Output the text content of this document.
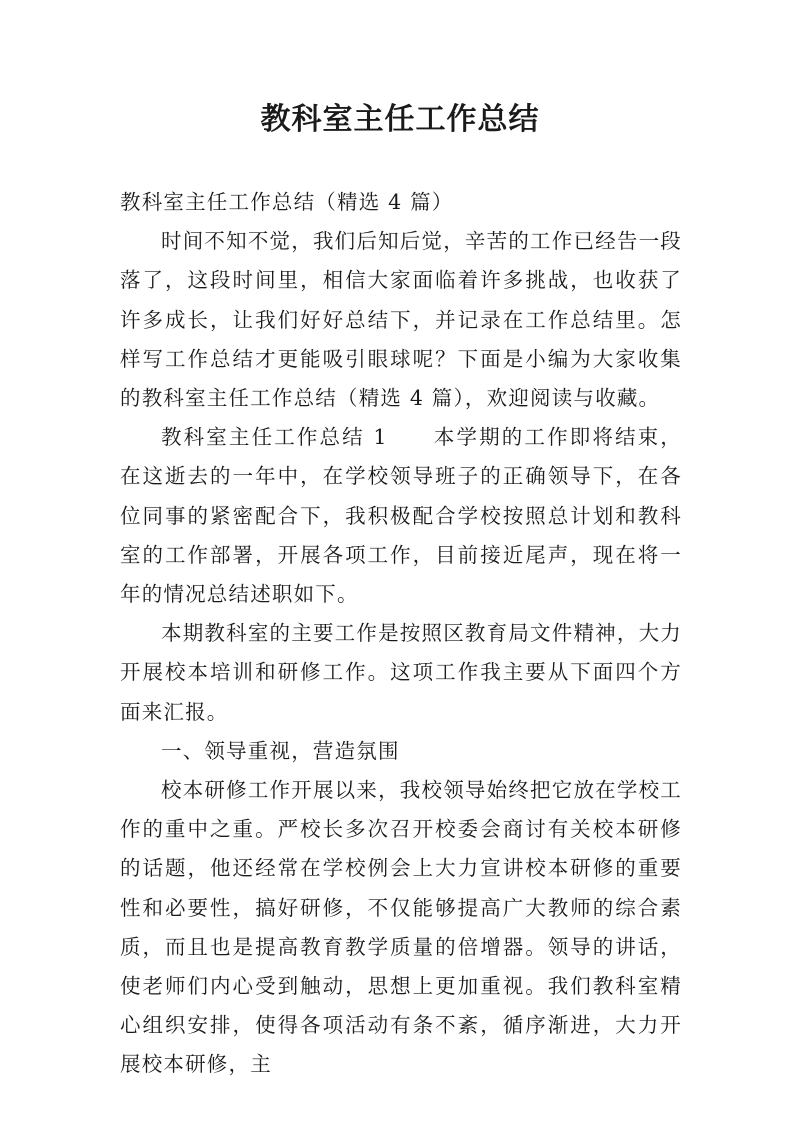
教科室主任工作总结

教科室主任工作总结（精选 4 篇）

时间不知不觉，我们后知后觉，辛苦的工作已经告一段落了，这段时间里，相信大家面临着许多挑战，也收获了许多成长，让我们好好总结下，并记录在工作总结里。怎样写工作总结才更能吸引眼球呢？下面是小编为大家收集的教科室主任工作总结（精选 4 篇），欢迎阅读与收藏。

教科室主任工作总结 1　　本学期的工作即将结束，在这逝去的一年中，在学校领导班子的正确领导下，在各位同事的紧密配合下，我积极配合学校按照总计划和教科室的工作部署，开展各项工作，目前接近尾声，现在将一年的情况总结述职如下。

本期教科室的主要工作是按照区教育局文件精神，大力开展校本培训和研修工作。这项工作我主要从下面四个方面来汇报。

一、领导重视，营造氛围

校本研修工作开展以来，我校领导始终把它放在学校工作的重中之重。严校长多次召开校委会商讨有关校本研修的话题，他还经常在学校例会上大力宣讲校本研修的重要性和必要性，搞好研修，不仅能够提高广大教师的综合素质，而且也是提高教育教学质量的倍增器。领导的讲话，使老师们内心受到触动，思想上更加重视。我们教科室精心组织安排，使得各项活动有条不紊，循序渐进，大力开展校本研修，主
